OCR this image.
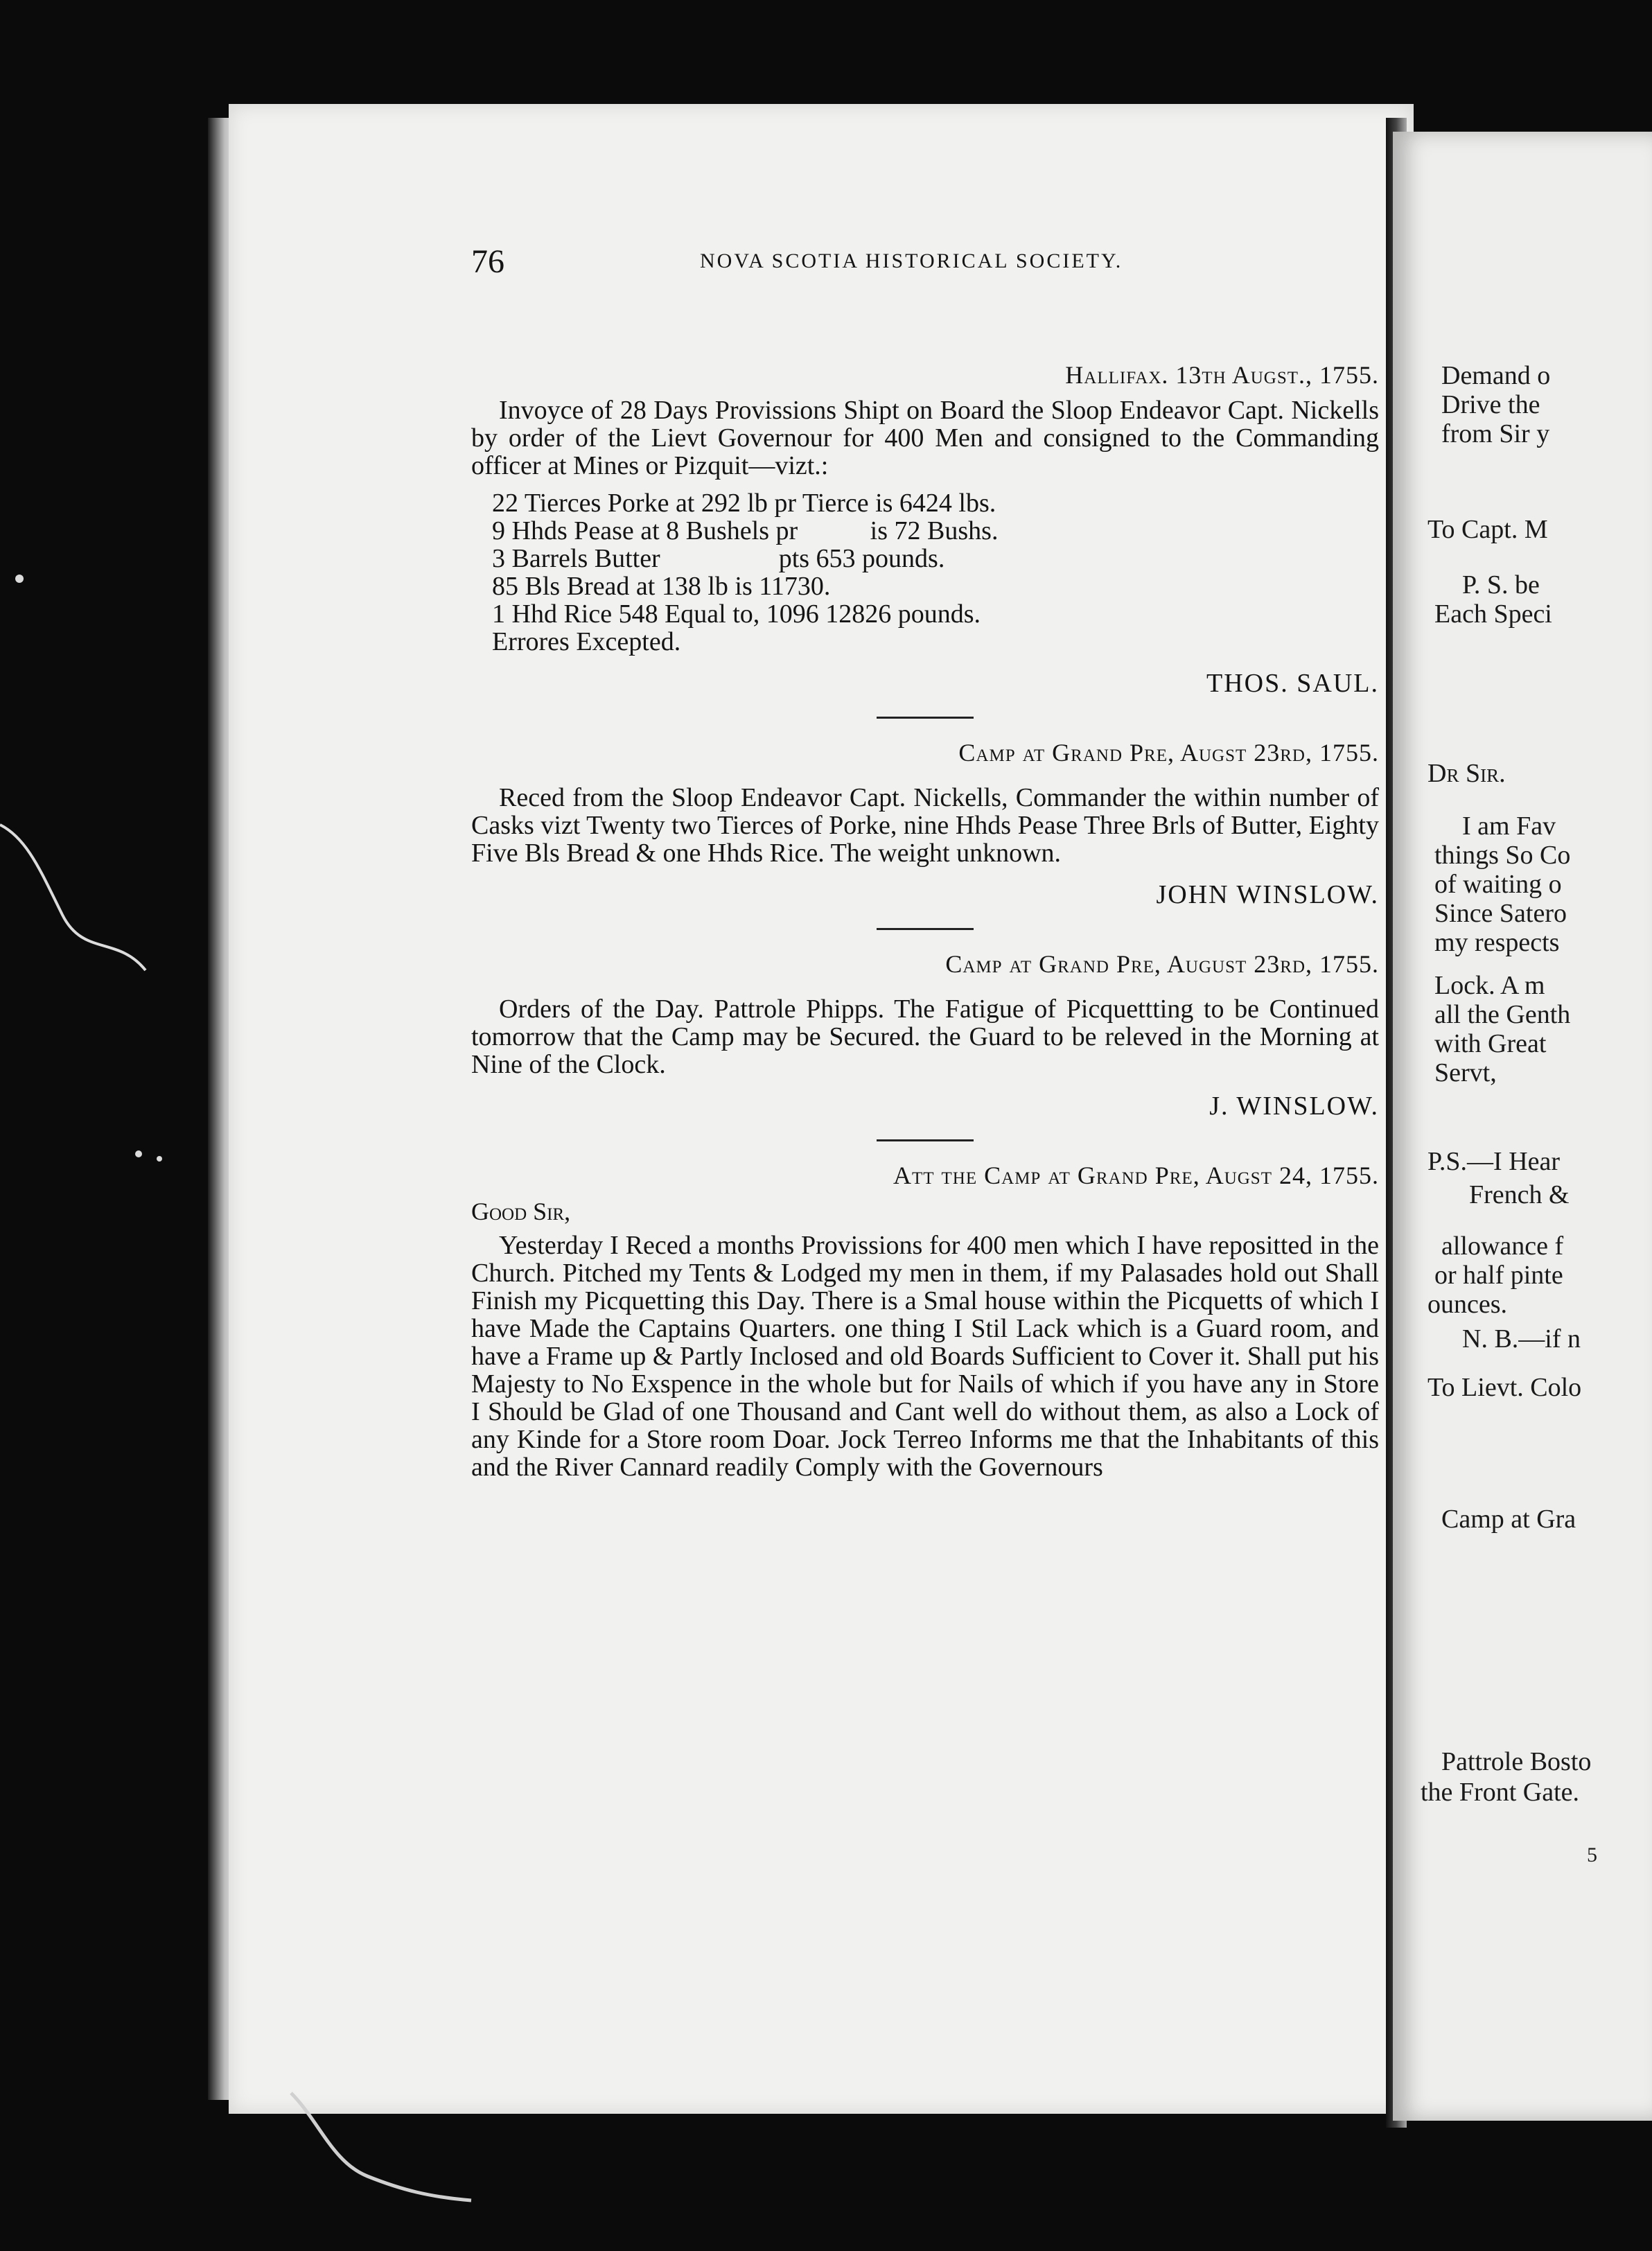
76	NOVA SCOTIA HISTORICAL SOCIETY.

Hallifax. 13th Augst., 1755.

Invoyce of 28 Days Provissions Shipt on Board the Sloop Endeavor Capt. Nickells by order of the Lievt Governour for 400 Men and consigned to the Commanding officer at Mines or Pizquit—vizt.:

22 Tierces Porke at 292 lb pr Tierce is 6424 lbs.
9 Hhds Pease at 8 Bushels pr           is 72 Bushs.
3 Barrels Butter                  pts 653 pounds.
85 Bls Bread at 138 lb is 11730.
1 Hhd Rice 548 Equal to, 1096 12826 pounds.
Errores Excepted.

THOS. SAUL.

Camp at Grand Pre, Augst 23rd, 1755.

Reced from the Sloop Endeavor Capt. Nickells, Commander the within number of Casks vizt Twenty two Tierces of Porke, nine Hhds Pease Three Brls of Butter, Eighty Five Bls Bread & one Hhds Rice. The weight unknown.

JOHN WINSLOW.

Camp at Grand Pre, August 23rd, 1755.

Orders of the Day. Pattrole Phipps. The Fatigue of Picquettting to be Continued tomorrow that the Camp may be Secured. the Guard to be releved in the Morning at Nine of the Clock.

J. WINSLOW.

Att the Camp at Grand Pre, Augst 24, 1755.

Good Sir,

Yesterday I Reced a months Provissions for 400 men which I have repositted in the Church. Pitched my Tents & Lodged my men in them, if my Palasades hold out Shall Finish my Picquetting this Day. There is a Smal house within the Picquetts of which I have Made the Captains Quarters. one thing I Stil Lack which is a Guard room, and have a Frame up & Partly Inclosed and old Boards Sufficient to Cover it. Shall put his Majesty to No Exspence in the whole but for Nails of which if you have any in Store I Should be Glad of one Thousand and Cant well do without them, as also a Lock of any Kinde for a Store room Doar. Jock Terreo Informs me that the Inhabitants of this and the River Cannard readily Comply with the Governours

Demand o
Drive the
from Sir y
To Capt. M
P. S. be
Each Speci
Dr Sir.
I am Fav
things So Co
of waiting o
Since Satero
my respects
Lock. A m
all the Genth
with Great
Servt,
P.S.—I Hear
French &
allowance f
or half pinte
ounces.
N. B.—if n
To Lievt. Colo
Camp at Gra
Pattrole Bosto
the Front Gate.
5
